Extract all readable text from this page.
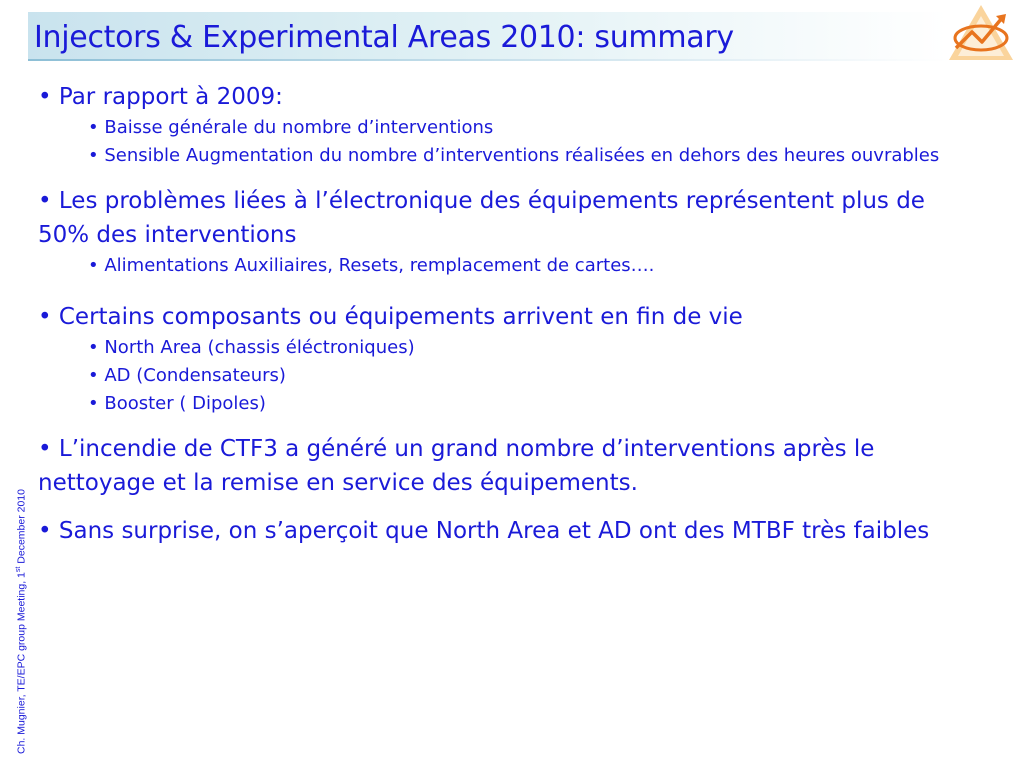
Injectors & Experimental Areas 2010: summary
Ch. Mugnier, TE/EPC group Meeting, 1st December 2010

• Par rapport à 2009:

• Baisse générale du nombre d’interventions

• Sensible Augmentation du nombre d’interventions réalisées en dehors des heures ouvrables

• Les problèmes liées à l’électronique des équipements représentent plus de 50% des interventions

• Alimentations Auxiliaires, Resets, remplacement de cartes….

• Certains composants ou équipements arrivent en fin de vie

• North Area (chassis éléctroniques)

• AD (Condensateurs)

• Booster ( Dipoles)

• L’incendie de CTF3 a généré un grand nombre d’interventions après le nettoyage et la remise en service des équipements.

• Sans surprise, on s’aperçoit que North Area et AD ont des MTBF très faibles
